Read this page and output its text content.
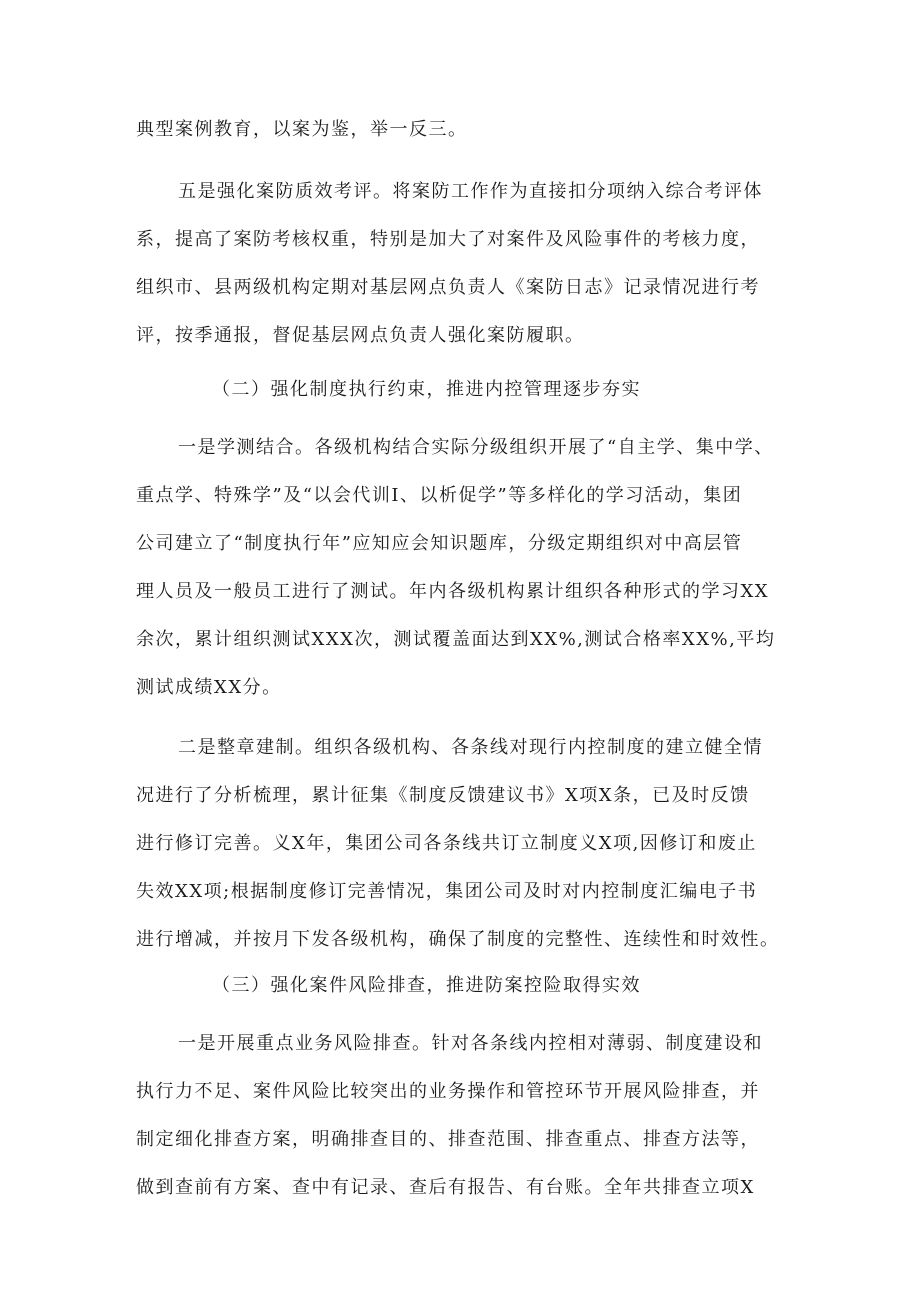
典型案例教育，以案为鉴，举一反三。
五是强化案防质效考评。将案防工作作为直接扣分项纳入综合考评体
系，提高了案防考核权重，特别是加大了对案件及风险事件的考核力度，
组织市、县两级机构定期对基层网点负责人《案防日志》记录情况进行考
评，按季通报，督促基层网点负责人强化案防履职。
（二）强化制度执行约束，推进内控管理逐步夯实
一是学测结合。各级机构结合实际分级组织开展了“自主学、集中学、
重点学、特殊学”及“以会代训I、以析促学”等多样化的学习活动，集团
公司建立了“制度执行年”应知应会知识题库，分级定期组织对中高层管
理人员及一般员工进行了测试。年内各级机构累计组织各种形式的学习XX
余次，累计组织测试XXX次，测试覆盖面达到XX%,测试合格率XX%,平均
测试成绩XX分。
二是整章建制。组织各级机构、各条线对现行内控制度的建立健全情
况进行了分析梳理，累计征集《制度反馈建议书》X项X条，已及时反馈
进行修订完善。义X年，集团公司各条线共订立制度义X项,因修订和废止
失效XX项;根据制度修订完善情况，集团公司及时对内控制度汇编电子书
进行增减，并按月下发各级机构，确保了制度的完整性、连续性和时效性。
（三）强化案件风险排查，推进防案控险取得实效
一是开展重点业务风险排查。针对各条线内控相对薄弱、制度建设和
执行力不足、案件风险比较突出的业务操作和管控环节开展风险排查，并
制定细化排查方案，明确排查目的、排查范围、排查重点、排查方法等，
做到查前有方案、查中有记录、查后有报告、有台账。全年共排查立项X
